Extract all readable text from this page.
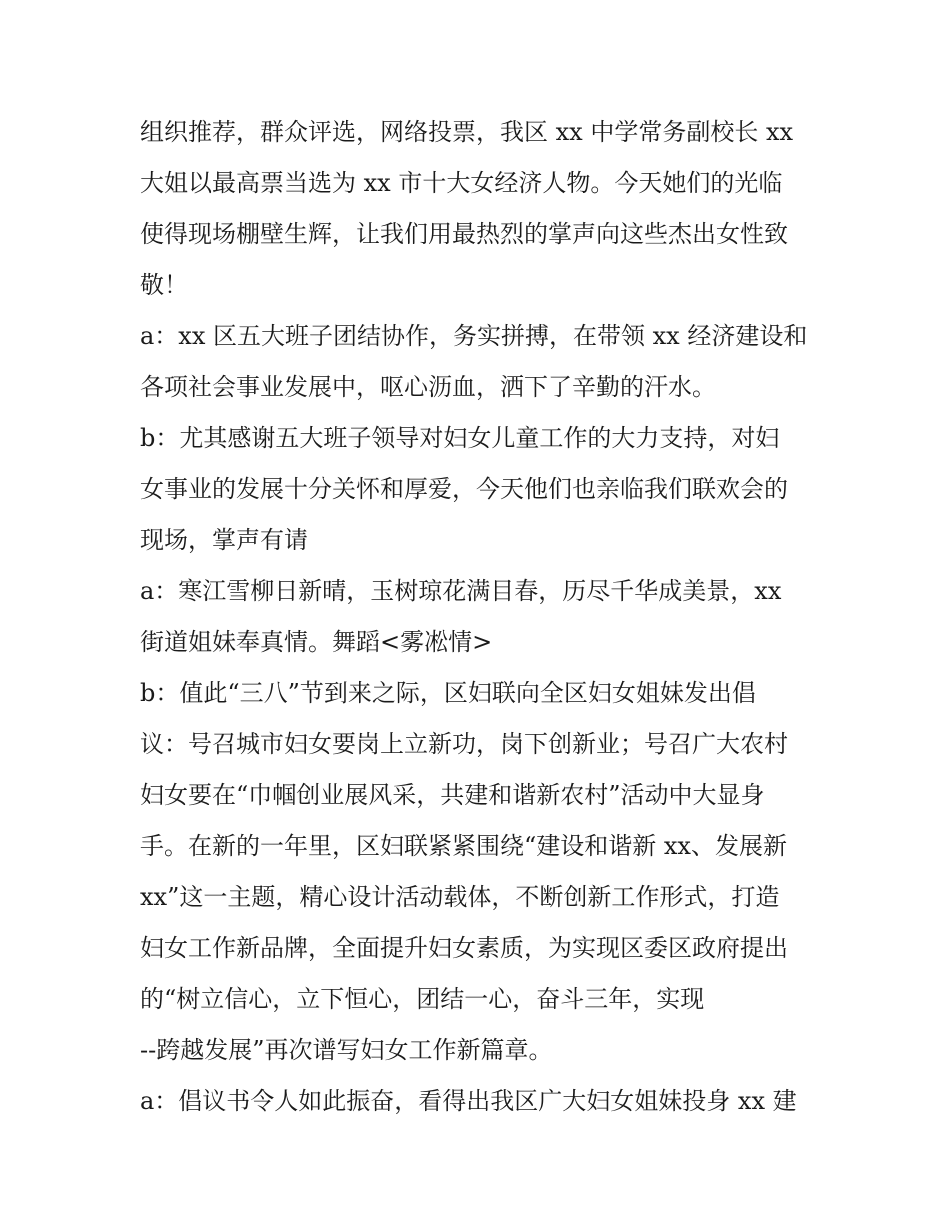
组织推荐，群众评选，网络投票，我区 xx 中学常务副校长 xx
大姐以最高票当选为 xx 市十大女经济人物。今天她们的光临
使得现场棚壁生辉，让我们用最热烈的掌声向这些杰出女性致
敬！
a：xx 区五大班子团结协作，务实拼搏，在带领 xx 经济建设和
各项社会事业发展中，呕心沥血，洒下了辛勤的汗水。
b：尤其感谢五大班子领导对妇女儿童工作的大力支持，对妇
女事业的发展十分关怀和厚爱，今天他们也亲临我们联欢会的
现场，掌声有请
a：寒江雪柳日新晴，玉树琼花满目春，历尽千华成美景，xx
街道姐妹奉真情。舞蹈<雾凇情>
b：值此“三八”节到来之际，区妇联向全区妇女姐妹发出倡
议：号召城市妇女要岗上立新功，岗下创新业；号召广大农村
妇女要在“巾帼创业展风采，共建和谐新农村”活动中大显身
手。在新的一年里，区妇联紧紧围绕“建设和谐新 xx、发展新
xx”这一主题，精心设计活动载体，不断创新工作形式，打造
妇女工作新品牌，全面提升妇女素质，为实现区委区政府提出
的“树立信心，立下恒心，团结一心，奋斗三年，实现
--跨越发展”再次谱写妇女工作新篇章。
a：倡议书令人如此振奋，看得出我区广大妇女姐妹投身 xx 建
